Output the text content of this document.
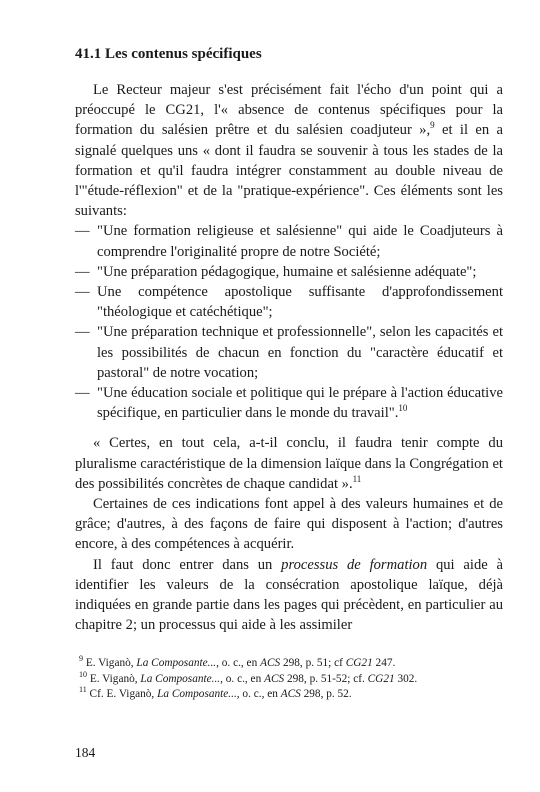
41.1 Les contenus spécifiques

Le Recteur majeur s'est précisément fait l'écho d'un point qui a préoccupé le CG21, l'« absence de contenus spécifiques pour la formation du salésien prêtre et du salésien coadjuteur »,$^9$ et il en a signalé quelques uns « dont il faudra se souvenir à tous les stades de la formation et qu'il faudra intégrer constamment au double niveau de l'"étude-réflexion" et de la "pratique-expérience". Ces éléments sont les suivants:

— "Une formation religieuse et salésienne" qui aide le Coadjuteurs à comprendre l'originalité propre de notre Société;
— "Une préparation pédagogique, humaine et salésienne adéquate";
— Une compétence apostolique suffisante d'approfondissement "théologique et catéchétique";
— "Une préparation technique et professionnelle", selon les capacités et les possibilités de chacun en fonction du "caractère éducatif et pastoral" de notre vocation;
— "Une éducation sociale et politique qui le prépare à l'action éducative spécifique, en particulier dans le monde du travail".$^{10}$

« Certes, en tout cela, a-t-il conclu, il faudra tenir compte du pluralisme caractéristique de la dimension laïque dans la Congrégation et des possibilités concrètes de chaque candidat ».$^{11}$

Certaines de ces indications font appel à des valeurs humaines et de grâce; d'autres, à des façons de faire qui disposent à l'action; d'autres encore, à des compétences à acquérir.

Il faut donc entrer dans un processus de formation qui aide à identifier les valeurs de la consécration apostolique laïque, déjà indiquées en grande partie dans les pages qui précèdent, en particulier au chapitre 2; un processus qui aide à les assimiler

$^9$ E. Viganò, La Composante..., o. c., en ACS 298, p. 51; cf CG21 247.
$^{10}$ E. Viganò, La Composante..., o. c., en ACS 298, p. 51-52; cf. CG21 302.
$^{11}$ Cf. E. Viganò, La Composante..., o. c., en ACS 298, p. 52.
184
